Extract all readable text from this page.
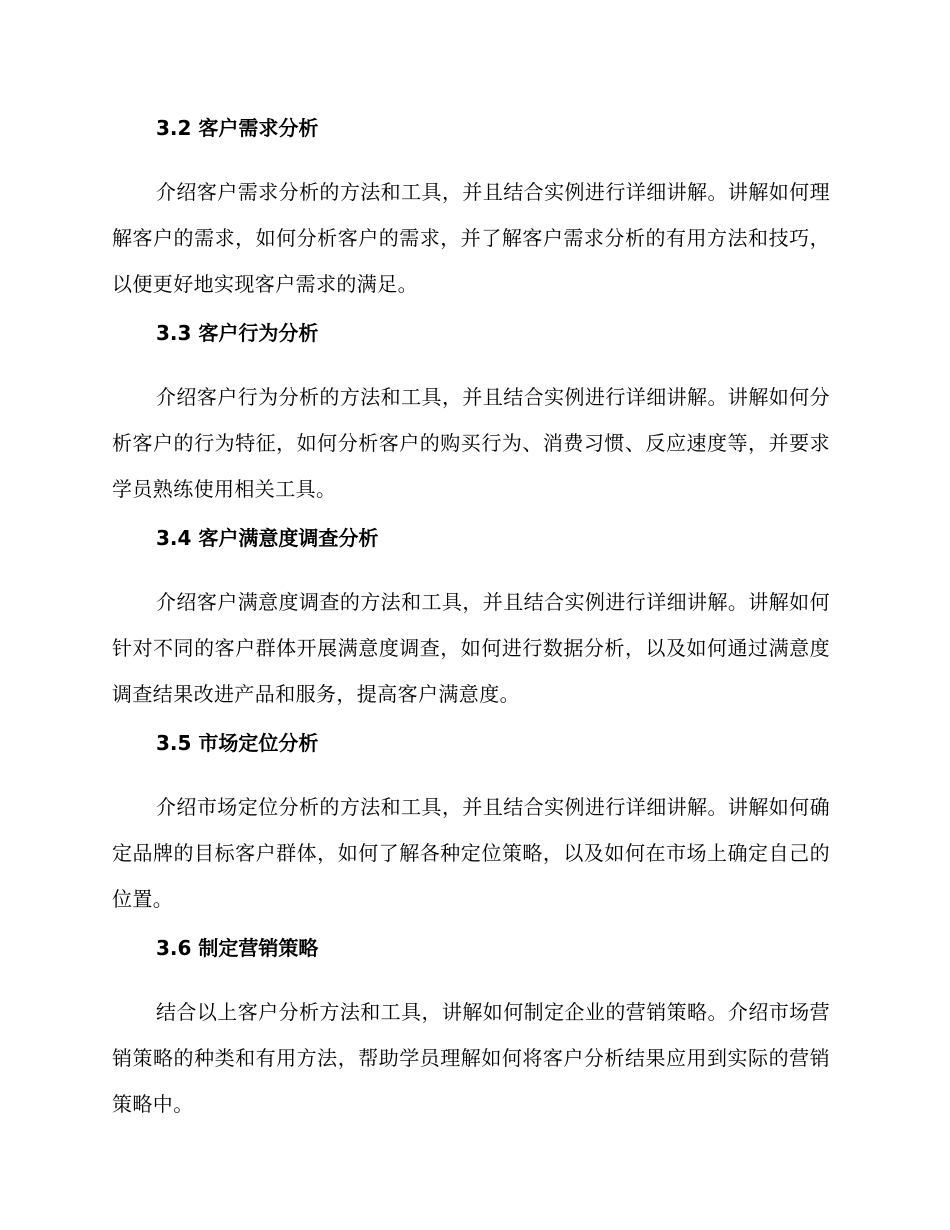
3.2 客户需求分析

介绍客户需求分析的方法和工具，并且结合实例进行详细讲解。讲解如何理解客户的需求，如何分析客户的需求，并了解客户需求分析的有用方法和技巧，以便更好地实现客户需求的满足。

3.3 客户行为分析

介绍客户行为分析的方法和工具，并且结合实例进行详细讲解。讲解如何分析客户的行为特征，如何分析客户的购买行为、消费习惯、反应速度等，并要求学员熟练使用相关工具。

3.4 客户满意度调查分析

介绍客户满意度调查的方法和工具，并且结合实例进行详细讲解。讲解如何针对不同的客户群体开展满意度调查，如何进行数据分析，以及如何通过满意度调查结果改进产品和服务，提高客户满意度。

3.5 市场定位分析

介绍市场定位分析的方法和工具，并且结合实例进行详细讲解。讲解如何确定品牌的目标客户群体，如何了解各种定位策略，以及如何在市场上确定自己的位置。

3.6 制定营销策略

结合以上客户分析方法和工具，讲解如何制定企业的营销策略。介绍市场营销策略的种类和有用方法，帮助学员理解如何将客户分析结果应用到实际的营销策略中。
